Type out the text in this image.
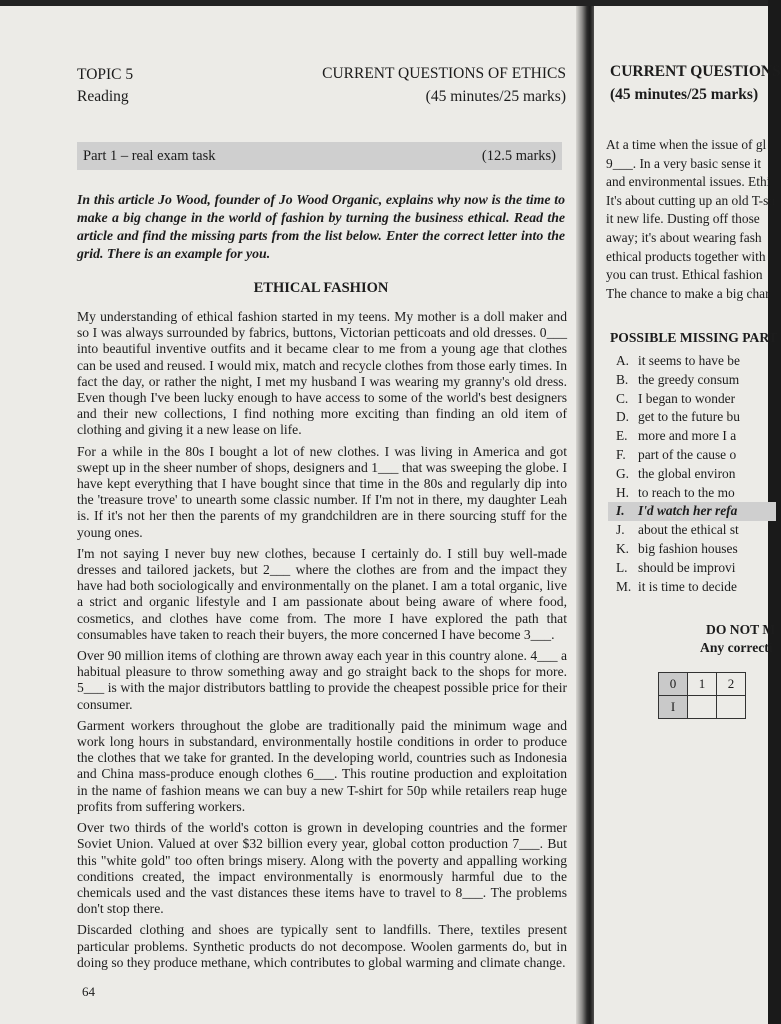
TOPIC 5
Reading
CURRENT QUESTIONS OF ETHICS
(45 minutes/25 marks)
Part 1 – real exam task	(12.5 marks)
In this article Jo Wood, founder of Jo Wood Organic, explains why now is the time to make a big change in the world of fashion by turning the business ethical. Read the article and find the missing parts from the list below. Enter the correct letter into the grid. There is an example for you.
ETHICAL FASHION

My understanding of ethical fashion started in my teens. My mother is a doll maker and so I was always surrounded by fabrics, buttons, Victorian petticoats and old dresses. 0___ into beautiful inventive outfits and it became clear to me from a young age that clothes can be used and reused. I would mix, match and recycle clothes from those early times. In fact the day, or rather the night, I met my husband I was wearing my granny's old dress. Even though I've been lucky enough to have access to some of the world's best designers and their new collections, I find nothing more exciting than finding an old item of clothing and giving it a new lease on life.

For a while in the 80s I bought a lot of new clothes. I was living in America and got swept up in the sheer number of shops, designers and 1___ that was sweeping the globe. I have kept everything that I have bought since that time in the 80s and regularly dip into the 'treasure trove' to unearth some classic number. If I'm not in there, my daughter Leah is. If it's not her then the parents of my grandchildren are in there sourcing stuff for the young ones.

I'm not saying I never buy new clothes, because I certainly do. I still buy well-made dresses and tailored jackets, but 2___ where the clothes are from and the impact they have had both sociologically and environmentally on the planet. I am a total organic, live a strict and organic lifestyle and I am passionate about being aware of where food, cosmetics, and clothes have come from. The more I have explored the path that consumables have taken to reach their buyers, the more concerned I have become 3___.

Over 90 million items of clothing are thrown away each year in this country alone. 4___ a habitual pleasure to throw something away and go straight back to the shops for more. 5___ is with the major distributors battling to provide the cheapest possible price for their consumer.

Garment workers throughout the globe are traditionally paid the minimum wage and work long hours in substandard, environmentally hostile conditions in order to produce the clothes that we take for granted. In the developing world, countries such as Indonesia and China mass-produce enough clothes 6___. This routine production and exploitation in the name of fashion means we can buy a new T-shirt for 50p while retailers reap huge profits from suffering workers.

Over two thirds of the world's cotton is grown in developing countries and the former Soviet Union. Valued at over $32 billion every year, global cotton production 7___. But this "white gold" too often brings misery. Along with the poverty and appalling working conditions created, the impact environmentally is enormously harmful due to the chemicals used and the vast distances these items have to travel to 8___. The problems don't stop there.

Discarded clothing and shoes are typically sent to landfills. There, textiles present particular problems. Synthetic products do not decompose. Woolen garments do, but in doing so they produce methane, which contributes to global warming and climate change.

64
CURRENT QUESTIONS
(45 minutes/25 marks)
At a time when the issue of gl
9___. In a very basic sense it
and environmental issues. Ethi
It's about cutting up an old T-sh
it new life. Dusting off those
away; it's about wearing fash
ethical products together with
you can trust. Ethical fashion
The chance to make a big char
POSSIBLE MISSING PART
A. it seems to have be
B. the greedy consum
C. I began to wonder
D. get to the future bu
E. more and more I a
F. part of the cause o
G. the global environ
H. to reach to the mo
I. I'd watch her refa
J. about the ethical st
K. big fashion houses
L. should be improvi
M. it is time to decide
DO NOT M
Any correcti
0	1	2
I		
